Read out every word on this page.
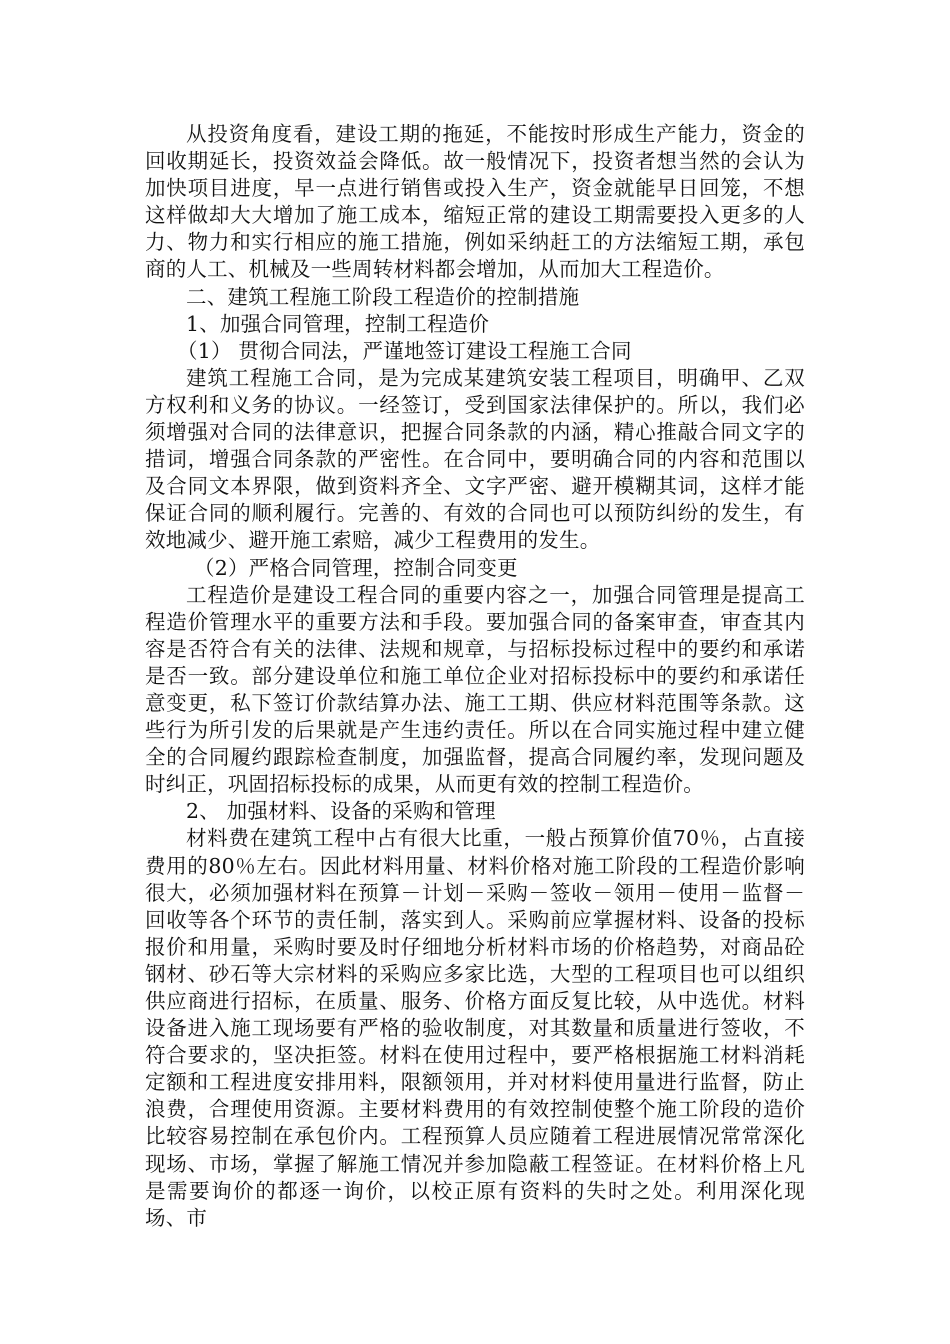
从投资角度看，建设工期的拖延，不能按时形成生产能力，资金的回收期延长，投资效益会降低。故一般情况下，投资者想当然的会认为加快项目进度，早一点进行销售或投入生产，资金就能早日回笼，不想这样做却大大增加了施工成本，缩短正常的建设工期需要投入更多的人力、物力和实行相应的施工措施，例如采纳赶工的方法缩短工期，承包商的人工、机械及一些周转材料都会增加，从而加大工程造价。

二、建筑工程施工阶段工程造价的控制措施

1、加强合同管理，控制工程造价

（1） 贯彻合同法，严谨地签订建设工程施工合同

建筑工程施工合同，是为完成某建筑安装工程项目，明确甲、乙双方权利和义务的协议。一经签订，受到国家法律保护的。所以，我们必须增强对合同的法律意识，把握合同条款的内涵，精心推敲合同文字的措词，增强合同条款的严密性。在合同中，要明确合同的内容和范围以及合同文本界限，做到资料齐全、文字严密、避开模糊其词，这样才能保证合同的顺利履行。完善的、有效的合同也可以预防纠纷的发生，有效地减少、避开施工索赔，减少工程费用的发生。

（2）严格合同管理，控制合同变更

工程造价是建设工程合同的重要内容之一，加强合同管理是提高工程造价管理水平的重要方法和手段。要加强合同的备案审查，审查其内容是否符合有关的法律、法规和规章，与招标投标过程中的要约和承诺是否一致。部分建设单位和施工单位企业对招标投标中的要约和承诺任意变更，私下签订价款结算办法、施工工期、供应材料范围等条款。这些行为所引发的后果就是产生违约责任。所以在合同实施过程中建立健全的合同履约跟踪检查制度，加强监督，提高合同履约率，发现问题及时纠正，巩固招标投标的成果，从而更有效的控制工程造价。

2、 加强材料、设备的采购和管理

材料费在建筑工程中占有很大比重，一般占预算价值70％，占直接费用的80％左右。因此材料用量、材料价格对施工阶段的工程造价影响很大，必须加强材料在预算－计划－采购－签收－领用－使用－监督－回收等各个环节的责任制，落实到人。采购前应掌握材料、设备的投标报价和用量，采购时要及时仔细地分析材料市场的价格趋势，对商品砼钢材、砂石等大宗材料的采购应多家比选，大型的工程项目也可以组织供应商进行招标，在质量、服务、价格方面反复比较，从中选优。材料设备进入施工现场要有严格的验收制度，对其数量和质量进行签收，不符合要求的，坚决拒签。材料在使用过程中，要严格根据施工材料消耗定额和工程进度安排用料，限额领用，并对材料使用量进行监督，防止浪费，合理使用资源。主要材料费用的有效控制使整个施工阶段的造价比较容易控制在承包价内。工程预算人员应随着工程进展情况常常深化现场、市场，掌握了解施工情况并参加隐蔽工程签证。在材料价格上凡是需要询价的都逐一询价，以校正原有资料的失时之处。利用深化现场、市
